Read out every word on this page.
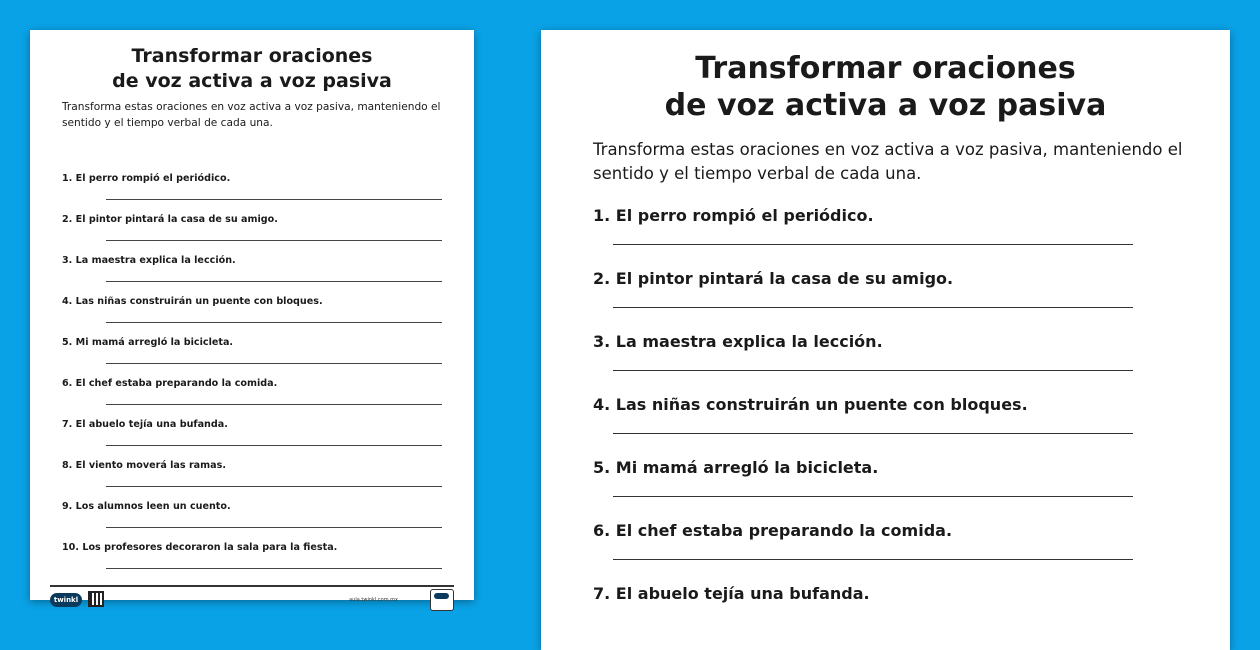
Transformar oraciones
de voz activa a voz pasiva
Transforma estas oraciones en voz activa a voz pasiva, manteniendo el sentido y el tiempo verbal de cada una.
1. El perro rompió el periódico.
2. El pintor pintará la casa de su amigo.
3. La maestra explica la lección.
4. Las niñas construirán un puente con bloques.
5. Mi mamá arregló la bicicleta.
6. El chef estaba preparando la comida.
7. El abuelo tejía una bufanda.
8. El viento moverá las ramas.
9. Los alumnos leen un cuento.
10. Los profesores decoraron la sala para la fiesta.
twinkl	aula.twinkl.com.mx
Transformar oraciones
de voz activa a voz pasiva
Transforma estas oraciones en voz activa a voz pasiva, manteniendo el sentido y el tiempo verbal de cada una.
1. El perro rompió el periódico.
2. El pintor pintará la casa de su amigo.
3. La maestra explica la lección.
4. Las niñas construirán un puente con bloques.
5. Mi mamá arregló la bicicleta.
6. El chef estaba preparando la comida.
7. El abuelo tejía una bufanda.
